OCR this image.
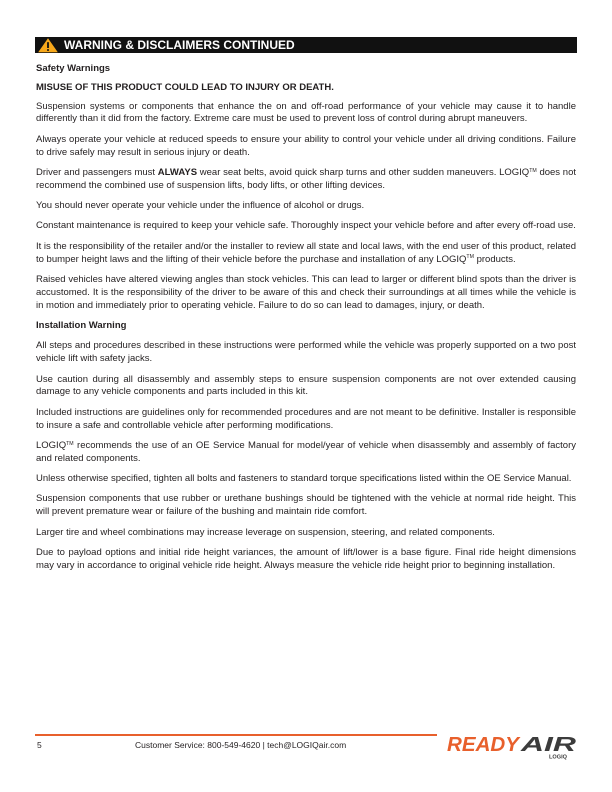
WARNING & DISCLAIMERS CONTINUED
Safety Warnings

MISUSE OF THIS PRODUCT COULD LEAD TO INJURY OR DEATH.

Suspension systems or components that enhance the on and off-road performance of your vehicle may cause it to handle differently than it did from the factory. Extreme care must be used to prevent loss of control during abrupt maneuvers.

Always operate your vehicle at reduced speeds to ensure your ability to control your vehicle under all driving conditions. Failure to drive safely may result in serious injury or death.

Driver and passengers must ALWAYS wear seat belts, avoid quick sharp turns and other sudden maneuvers. LOGIQ™ does not recommend the combined use of suspension lifts, body lifts, or other lifting devices.

You should never operate your vehicle under the influence of alcohol or drugs.

Constant maintenance is required to keep your vehicle safe. Thoroughly inspect your vehicle before and after every off-road use.

It is the responsibility of the retailer and/or the installer to review all state and local laws, with the end user of this product, related to bumper height laws and the lifting of their vehicle before the purchase and installation of any LOGIQ™ products.

Raised vehicles have altered viewing angles than stock vehicles. This can lead to larger or different blind spots than the driver is accustomed. It is the responsibility of the driver to be aware of this and check their surroundings at all times while the vehicle is in motion and immediately prior to operating vehicle. Failure to do so can lead to damages, injury, or death.

Installation Warning

All steps and procedures described in these instructions were performed while the vehicle was properly supported on a two post vehicle lift with safety jacks.

Use caution during all disassembly and assembly steps to ensure suspension components are not over extended causing damage to any vehicle components and parts included in this kit.

Included instructions are guidelines only for recommended procedures and are not meant to be definitive. Installer is responsible to insure a safe and controllable vehicle after performing modifications.

LOGIQ™ recommends the use of an OE Service Manual for model/year of vehicle when disassembly and assembly of factory and related components.

Unless otherwise specified, tighten all bolts and fasteners to standard torque specifications listed within the OE Service Manual.

Suspension components that use rubber or urethane bushings should be tightened with the vehicle at normal ride height. This will prevent premature wear or failure of the bushing and maintain ride comfort.

Larger tire and wheel combinations may increase leverage on suspension, steering, and related components.

Due to payload options and initial ride height variances, the amount of lift/lower is a base figure. Final ride height dimensions may vary in accordance to original vehicle ride height. Always measure the vehicle ride height prior to beginning installation.

5	Customer Service: 800-549-4620 | tech@LOGIQair.com	READY
AIR
LOGIQ
